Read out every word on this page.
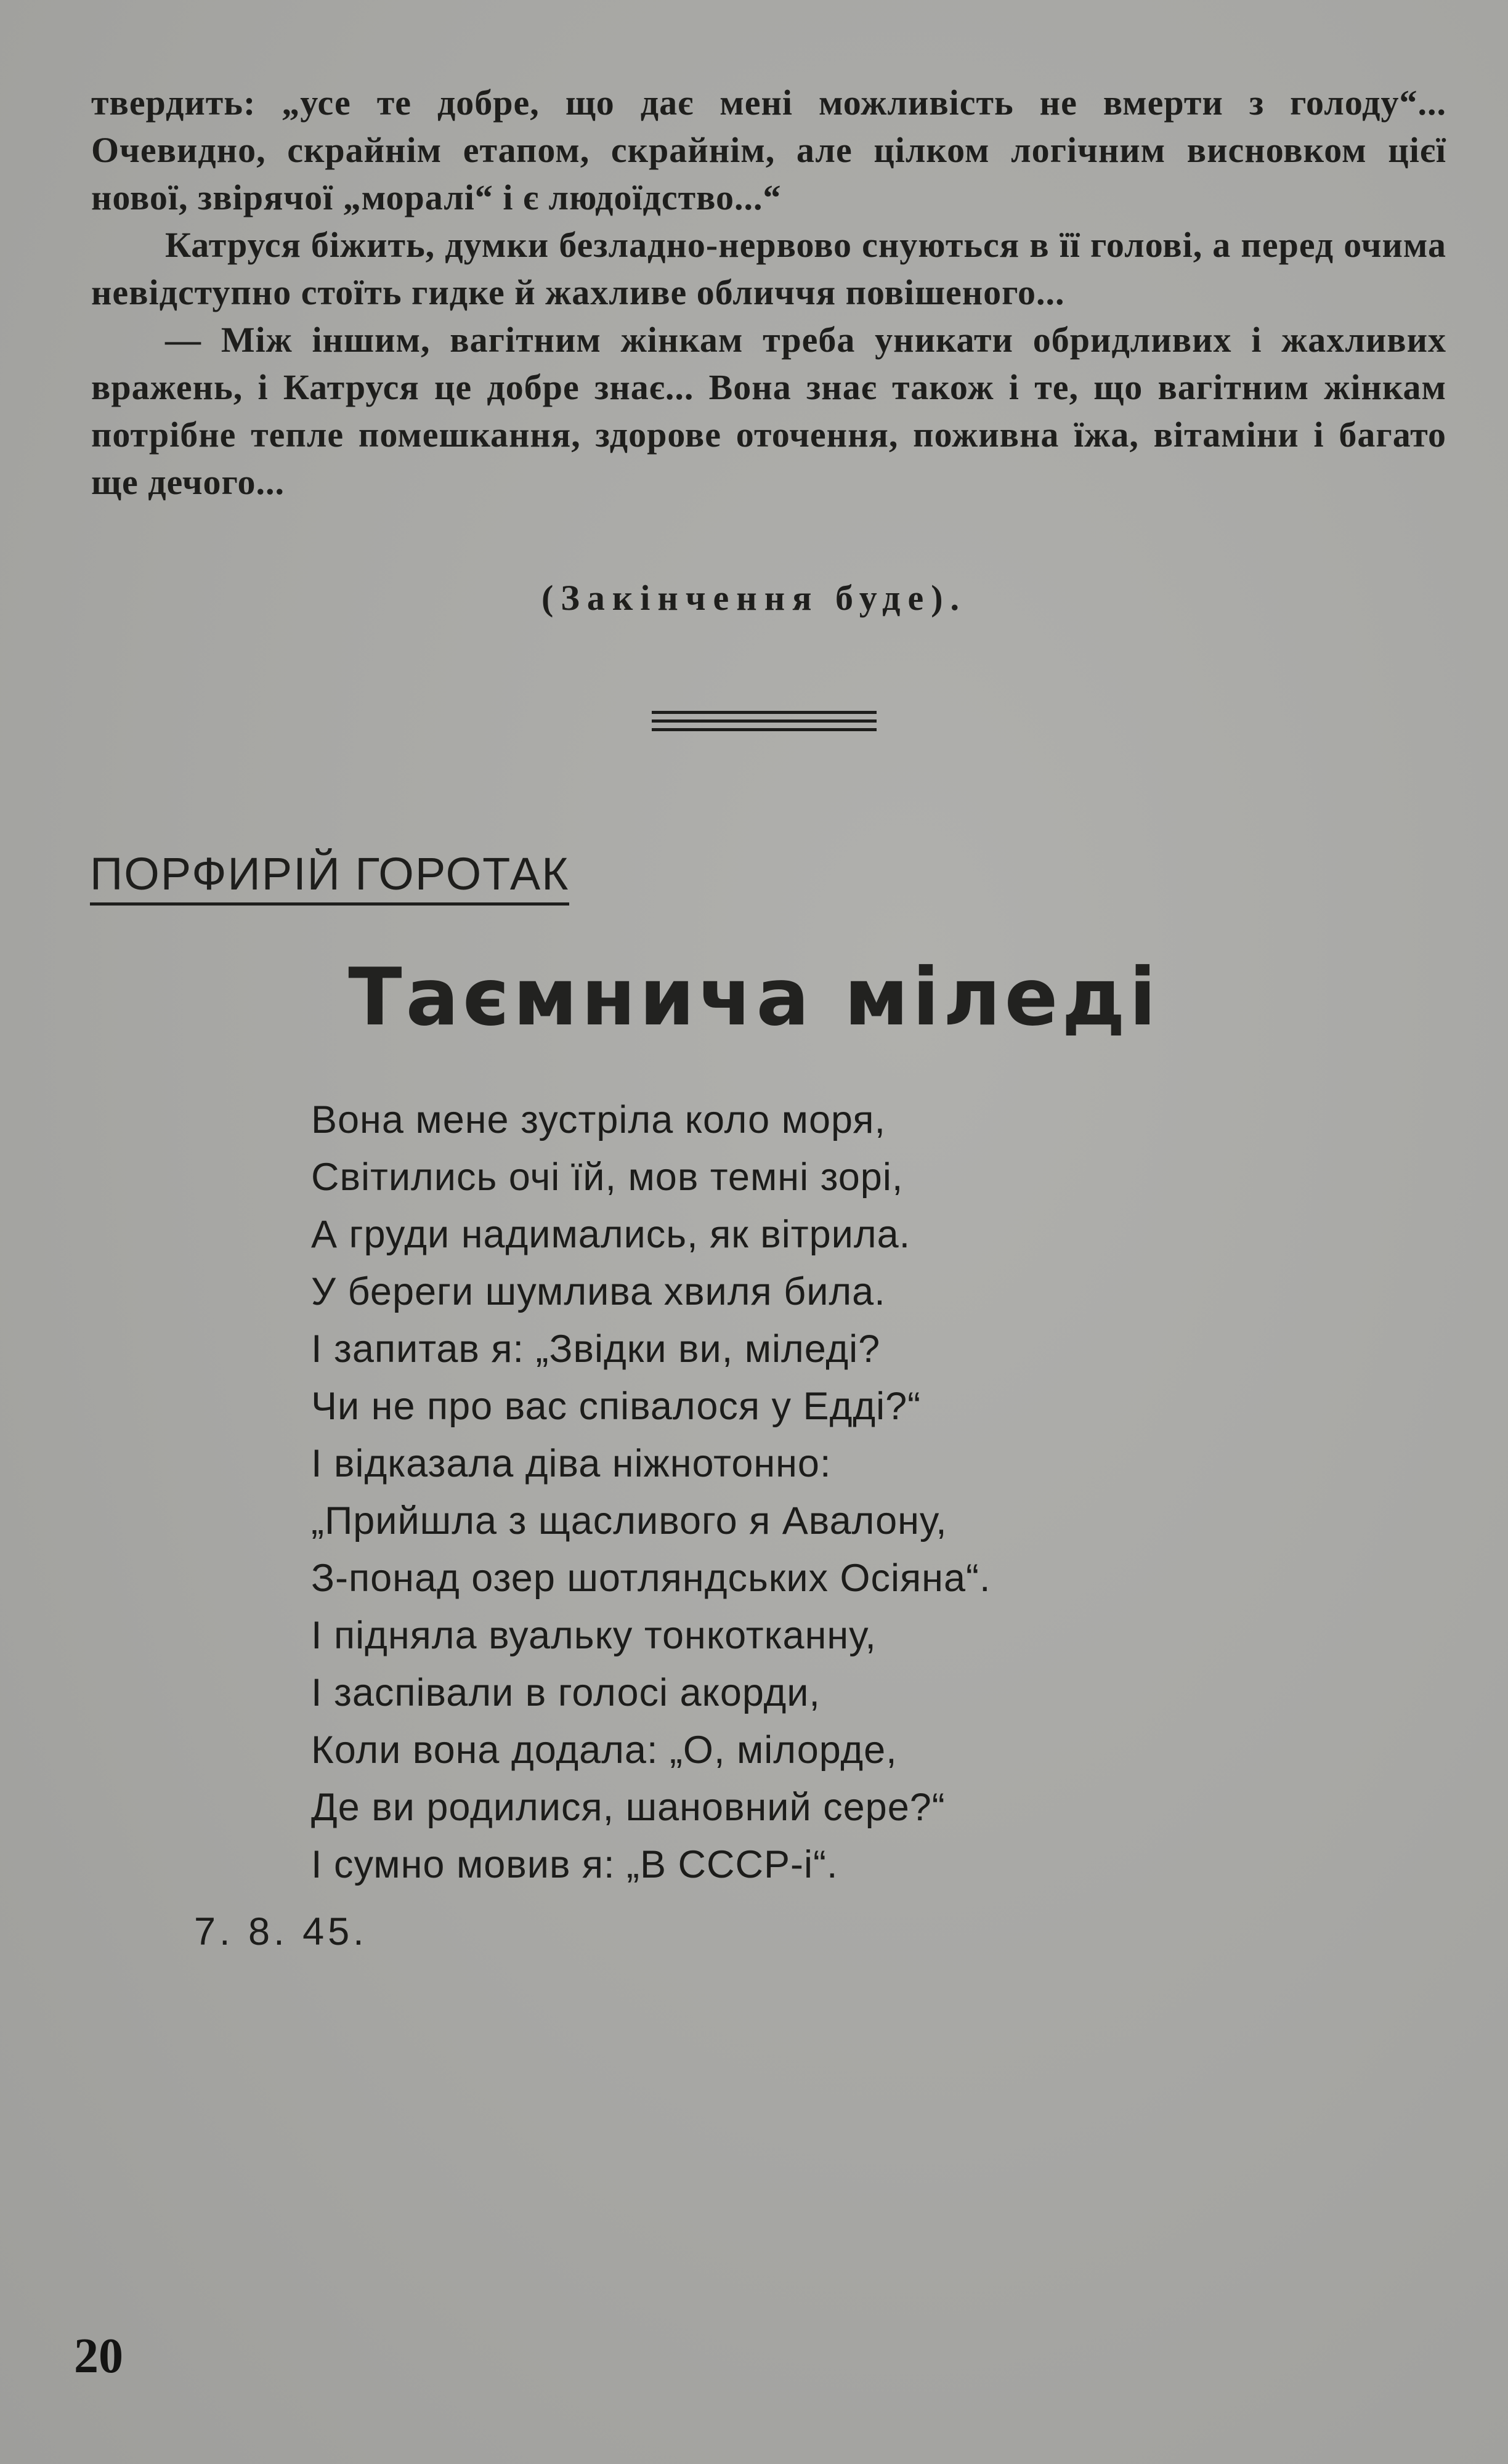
твердить: „усе те добре, що дає мені можливість не вмерти з голоду“... Очевидно, скрайнім етапом, скрайнім, але цілком логічним висновком цієї нової, звірячої „моралі“ і є людоїдство...“

Катруся біжить, думки безладно-нервово снуються в її голові, а перед очима невідступно стоїть гидке й жахливе обличчя повішеного...

— Між іншим, вагітним жінкам треба уникати обридливих і жахливих вражень, і Катруся це добре знає... Вона знає також і те, що вагітним жінкам потрібне тепле помешкання, здорове оточення, поживна їжа, вітаміни і багато ще дечого...

(Закінчення буде).
ПОРФИРІЙ ГОРОТАК
Таємнича міледі
Вона мене зустріла коло моря,
Світились очі їй, мов темні зорі,
А груди надимались, як вітрила.
У береги шумлива хвиля била.
І запитав я: „Звідки ви, міледі?
Чи не про вас співалося у Едді?“
І відказала діва ніжнотонно:
„Прийшла з щасливого я Авалону,
З-понад озер шотляндських Осіяна“.
І підняла вуальку тонкотканну,
І заспівали в голосі акорди,
Коли вона додала: „О, мілорде,
Де ви родилися, шановний сере?“
І сумно мовив я: „В СССР-і“.
7. 8. 45.
20
